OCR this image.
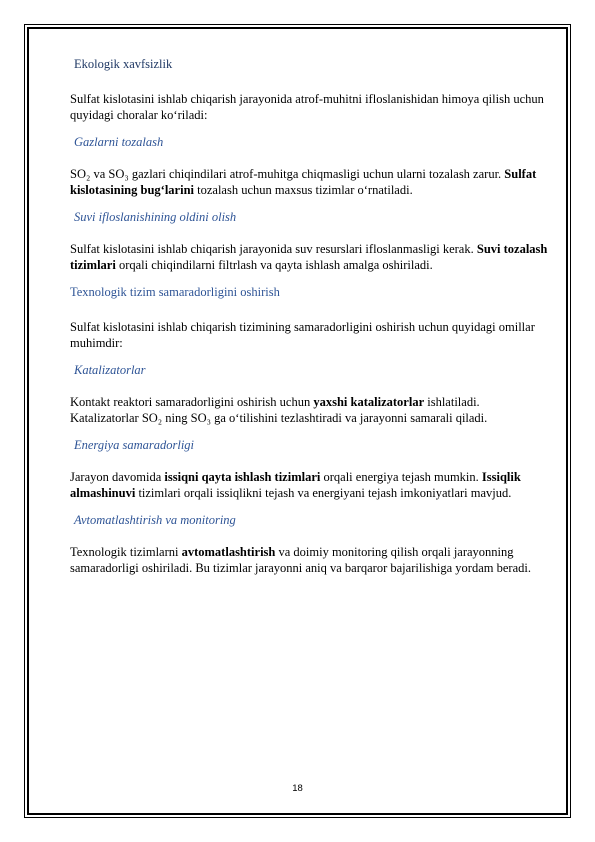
Ekologik xavfsizlik

Sulfat kislotasini ishlab chiqarish jarayonida atrof-muhitni ifloslanishidan himoya qilish uchun quyidagi choralar ko‘riladi:

Gazlarni tozalash

SO₂ va SO₃ gazlari chiqindilari atrof-muhitga chiqmasligi uchun ularni tozalash zarur. Sulfat kislotasining bug‘larini tozalash uchun maxsus tizimlar o‘rnatiladi.

Suvi ifloslanishining oldini olish

Sulfat kislotasini ishlab chiqarish jarayonida suv resurslari ifloslanmasligi kerak. Suvi tozalash tizimlari orqali chiqindilarni filtrlash va qayta ishlash amalga oshiriladi.

Texnologik tizim samaradorligini oshirish

Sulfat kislotasini ishlab chiqarish tizimining samaradorligini oshirish uchun quyidagi omillar muhimdir:

Katalizatorlar

Kontakt reaktori samaradorligini oshirish uchun yaxshi katalizatorlar ishlatiladi. Katalizatorlar SO₂ ning SO₃ ga o‘tilishini tezlashtiradi va jarayonni samarali qiladi.

Energiya samaradorligi

Jarayon davomida issiqni qayta ishlash tizimlari orqali energiya tejash mumkin. Issiqlik almashinuvi tizimlari orqali issiqlikni tejash va energiyani tejash imkoniyatlari mavjud.

Avtomatlashtirish va monitoring

Texnologik tizimlarni avtomatlashtirish va doimiy monitoring qilish orqali jarayonning samaradorligi oshiriladi. Bu tizimlar jarayonni aniq va barqaror bajarilishiga yordam beradi.

18
